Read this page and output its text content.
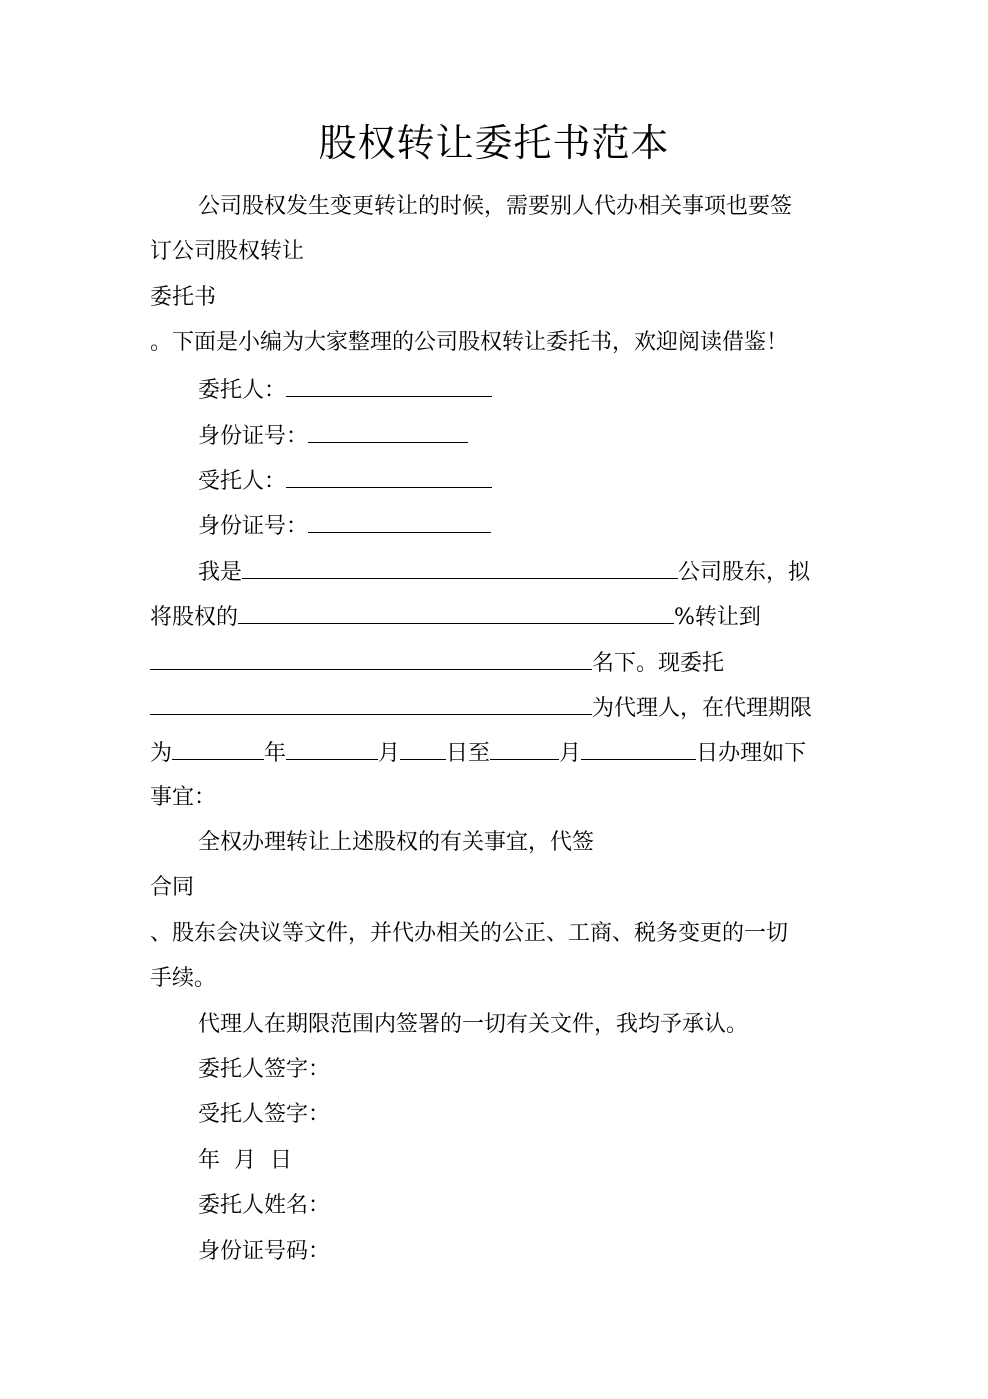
股权转让委托书范本
公司股权发生变更转让的时候，需要别人代办相关事项也要签
订公司股权转让
委托书
。下面是小编为大家整理的公司股权转让委托书，欢迎阅读借鉴！
委托人：
身份证号：
受托人：
身份证号：
我是	公司股东，拟
将股权的	%转让到
名下。现委托
为代理人，在代理期限
为	年	月 日至	月	日办理如下
事宜：
全权办理转让上述股权的有关事宜，代签
合同
、股东会决议等文件，并代办相关的公正、工商、税务变更的一切
手续。
代理人在期限范围内签署的一切有关文件，我均予承认。
委托人签字：
受托人签字：
年  月  日
委托人姓名：
身份证号码：
